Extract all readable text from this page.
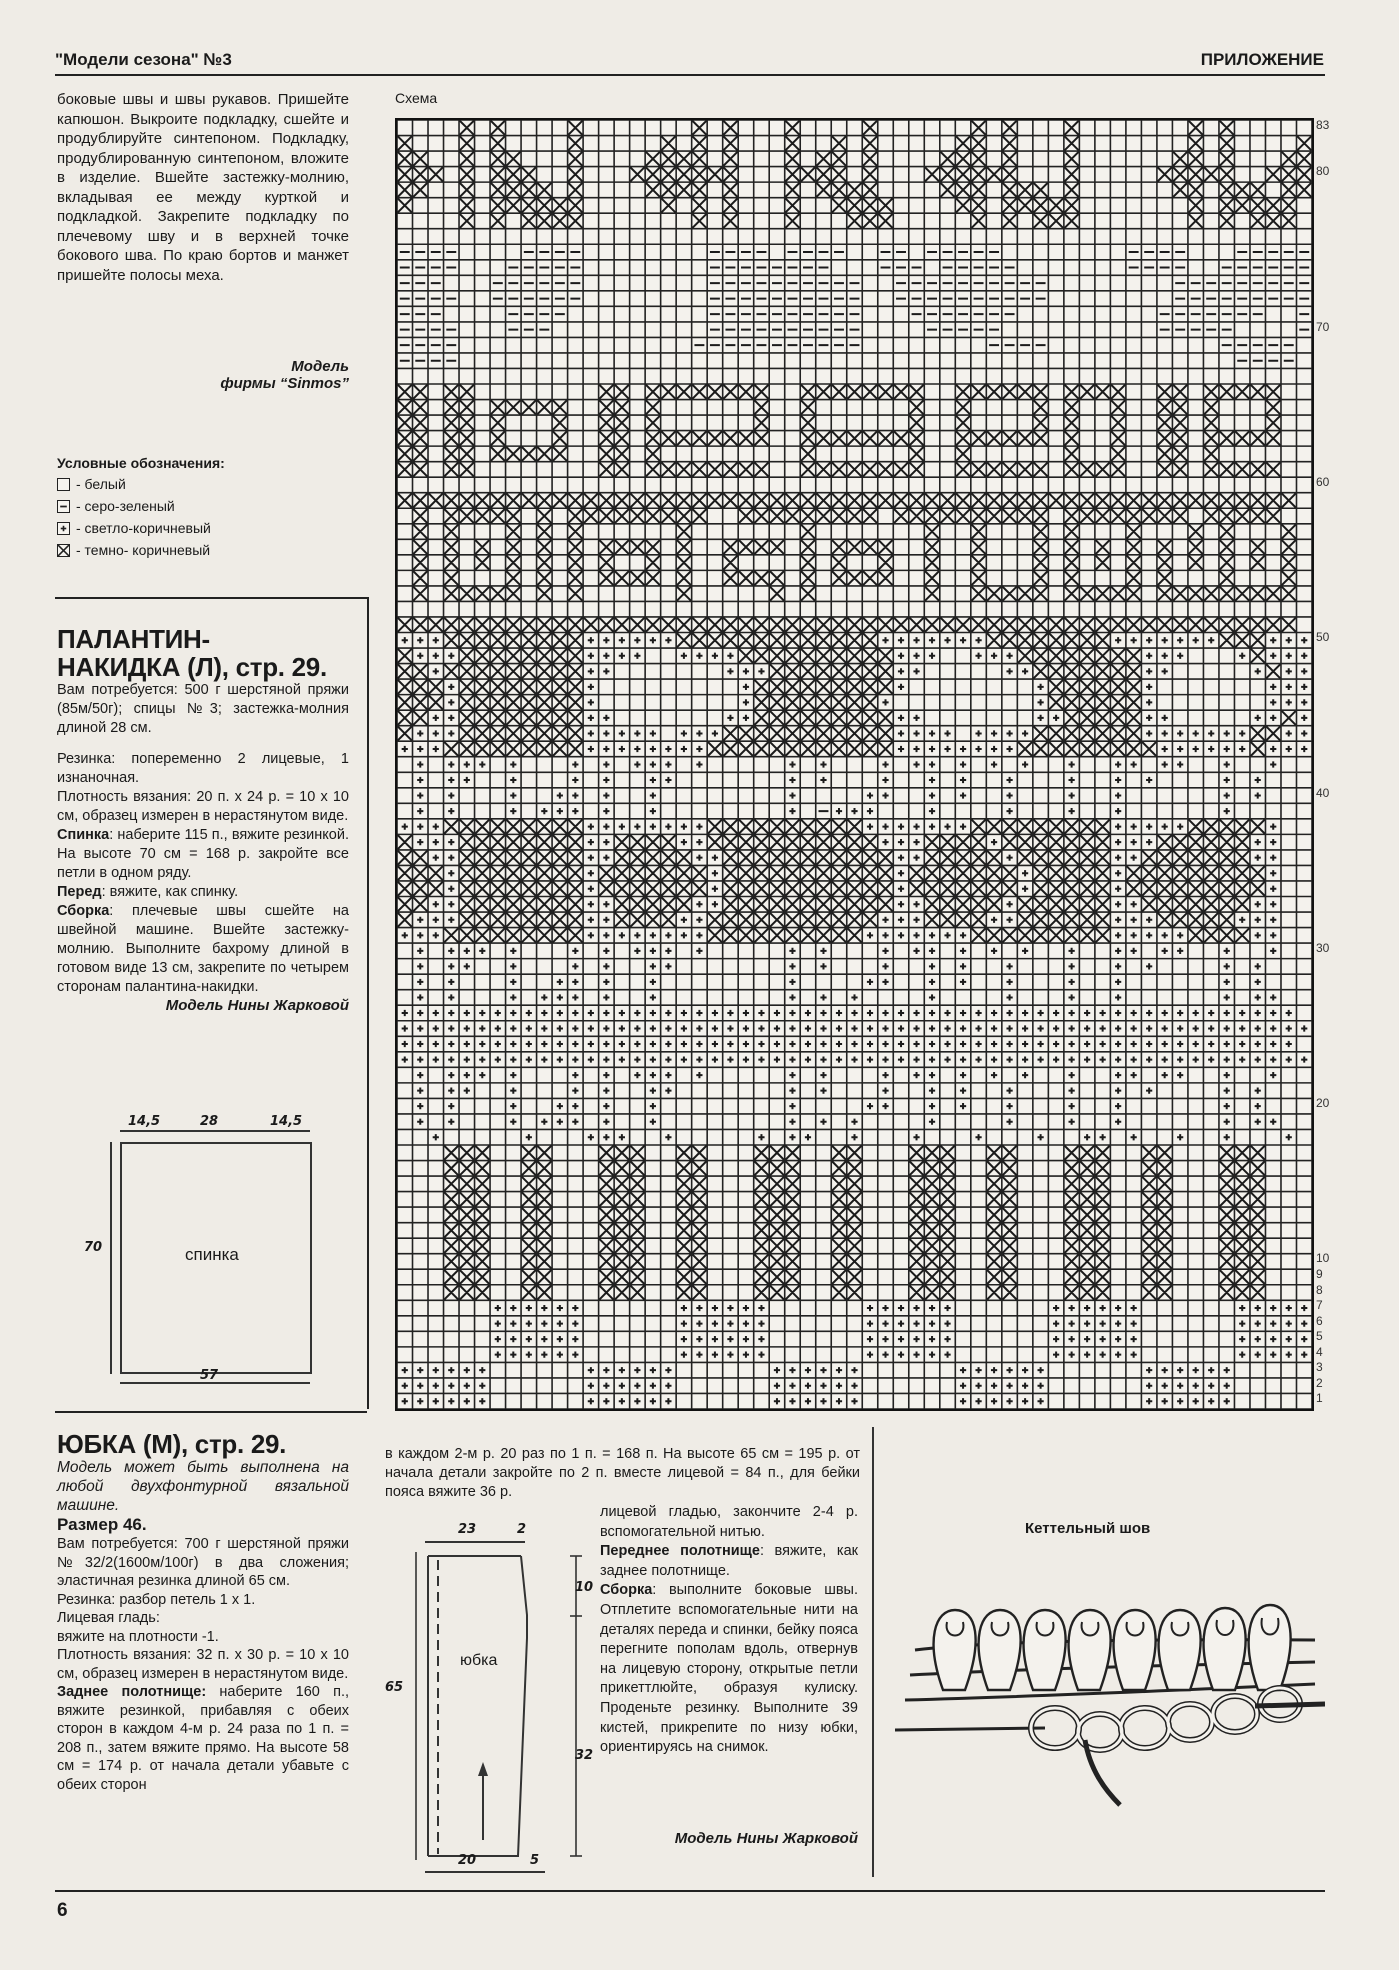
"Модели сезона" №3	ПРИЛОЖЕНИЕ

боковые швы и швы рукавов. Пришейте капюшон. Выкроите подкладку, сшейте и продублируйте синтепоном. Подкладку, продублированную синтепоном, вложите в изделие. Вшейте застежку-молнию, вкладывая ее между курткой и подкладкой. Закрепите подкладку по плечевому шву и в верхней точке бокового шва. По краю бортов и манжет пришейте полосы меха.

Модель
фирмы “Sinmos”
Условные обозначения:
- белый
- серо-зеленый
- светло-коричневый
- темно- коричневый
ПАЛАНТИН-
НАКИДКА (Л), стр. 29.

Вам потребуется: 500 г шерстяной пряжи (85м/50г); спицы №3; застежка-молния длиной 28 см.

Резинка: попеременно 2 лицевые, 1 изнаночная.

Плотность вязания: 20 п. х 24 р. = 10 х 10 см, образец измерен в нерастянутом виде.

Спинка: наберите 115 п., вяжите резинкой. На высоте 70 см = 168 р. закройте все петли в одном ряду.

Перед: вяжите, как спинку.

Сборка: плечевые швы сшейте на швейной машине. Вшейте застежку-молнию. Выполните бахрому длиной в готовом виде 13 см, закрепите по четырем сторонам палантина-накидки.

Модель Нины Жарковой
14,5	28	14,5
70	спинка
57
ЮБКА (М), стр. 29.

Модель может быть выполнена на любой двухфонтурной вязальной машине.

Размер 46.

Вам потребуется: 700 г шерстяной пряжи №32/2(1600м/100г) в два сложения; эластичная резинка длиной 65 см.

Резинка: разбор петель 1 х 1.

Лицевая гладь:

вяжите на плотности -1.

Плотность вязания: 32 п. х 30 р. = 10 х 10 см, образец измерен в нерастянутом виде.

Заднее полотнище: наберите 160 п., вяжите резинкой, прибавляя с обеих сторон в каждом 4-м р. 24 раза по 1 п. = 208 п., затем вяжите прямо. На высоте 58 см = 174 р. от начала детали убавьте с обеих сторон

6
Схема
83
80
70
60
50
40
30
20
10
9
8
7
6
5
4
3
2
1

в каждом 2-м р. 20 раз по 1 п. = 168 п. На высоте 65 см = 195 р. от начала детали закройте по 2 п. вместе лицевой = 84 п., для бейки пояса вяжите 36 р.

лицевой гладью, закончите 2-4 р. вспомогательной нитью.

Переднее полотнище: вяжите, как заднее полотнище.

Сборка: выполните боковые швы. Отплетите вспомогательные нити на деталях переда и спинки, бейку пояса перегните пополам вдоль, отвернув на лицевую сторону, открытые петли прикеттлюйте, образуя кулиску. Проденьте резинку. Выполните 39 кистей, прикрепите по низу юбки, ориентируясь на снимок.

Модель Нины Жарковой
23	2
10
32
65
юбка
20	5
Кеттельный шов
